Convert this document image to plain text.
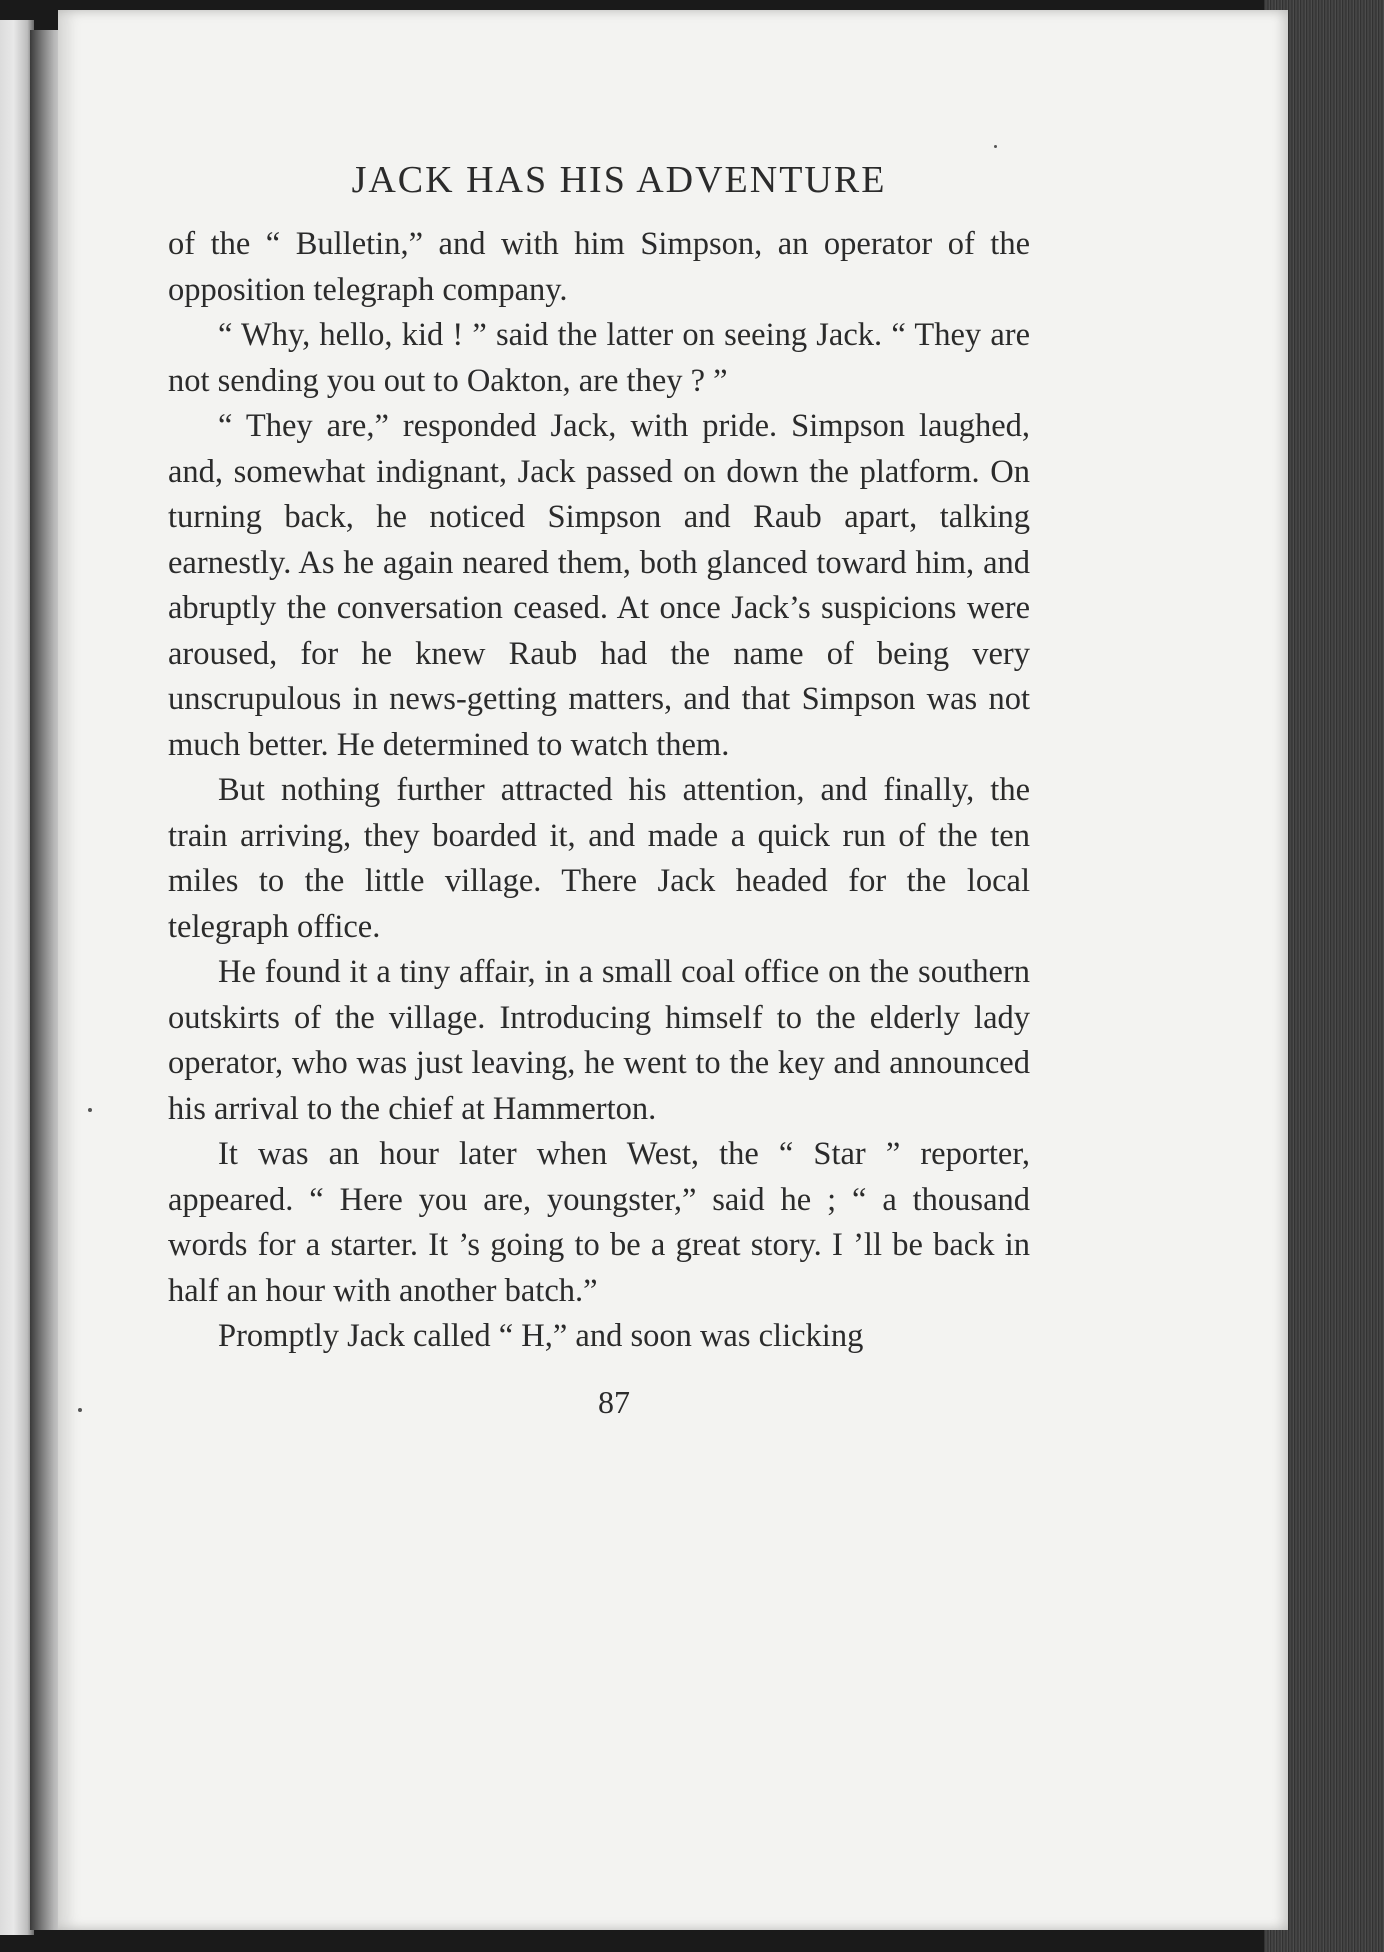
JACK HAS HIS ADVENTURE

of the “ Bulletin,” and with him Simpson, an operator of the opposition telegraph company.

“ Why, hello, kid ! ” said the latter on seeing Jack. “ They are not sending you out to Oakton, are they ? ”

“ They are,” responded Jack, with pride. Simpson laughed, and, somewhat indignant, Jack passed on down the platform. On turning back, he noticed Simpson and Raub apart, talking earnestly. As he again neared them, both glanced toward him, and abruptly the conversation ceased. At once Jack’s suspicions were aroused, for he knew Raub had the name of being very unscrupulous in news-getting matters, and that Simpson was not much better. He determined to watch them.

But nothing further attracted his attention, and finally, the train arriving, they boarded it, and made a quick run of the ten miles to the little village. There Jack headed for the local telegraph office.

He found it a tiny affair, in a small coal office on the southern outskirts of the village. Introducing himself to the elderly lady operator, who was just leaving, he went to the key and announced his arrival to the chief at Hammerton.

It was an hour later when West, the “ Star ” reporter, appeared. “ Here you are, youngster,” said he ; “ a thousand words for a starter. It ’s going to be a great story. I ’ll be back in half an hour with another batch.”

Promptly Jack called “ H,” and soon was clicking

87
